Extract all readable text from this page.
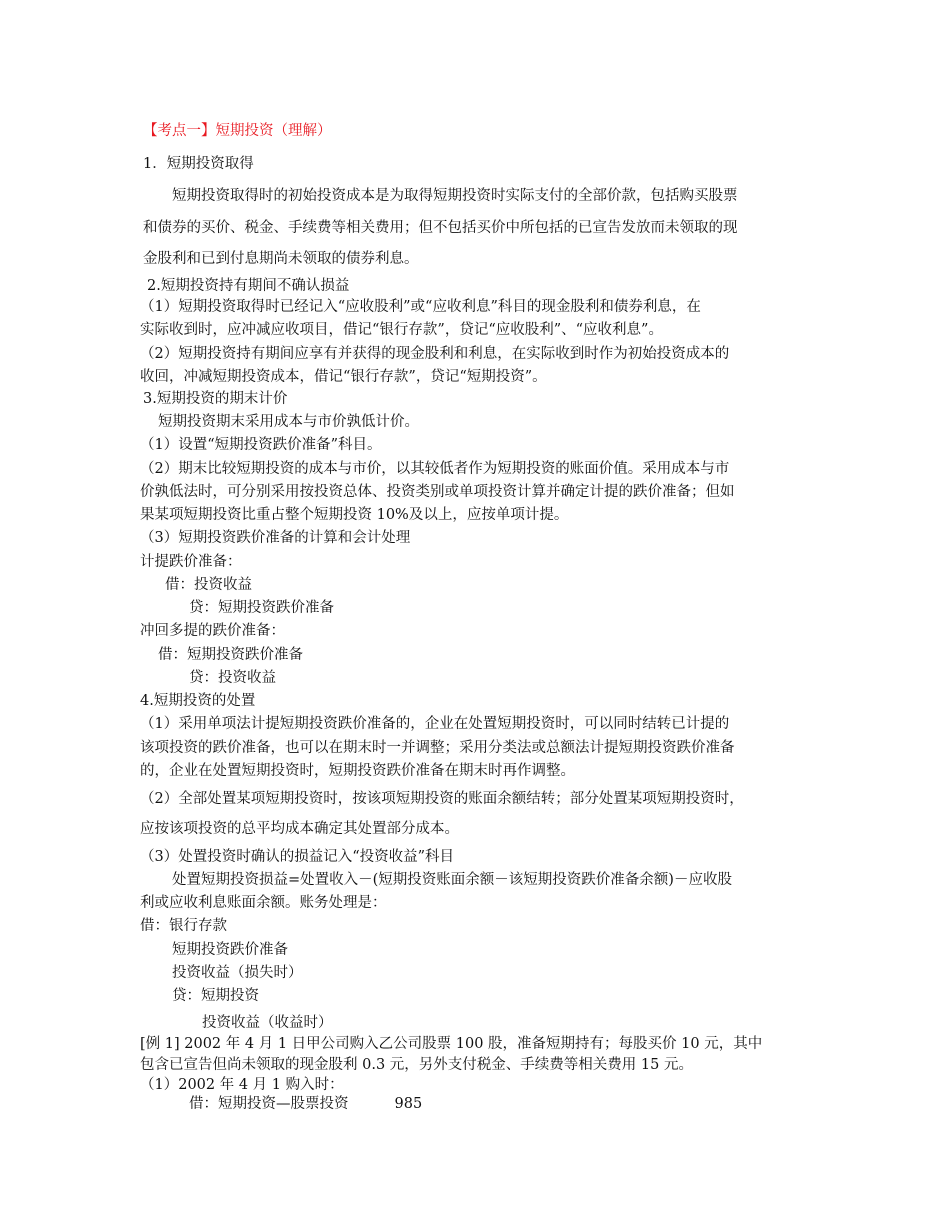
【考点一】短期投资（理解）
1．短期投资取得
短期投资取得时的初始投资成本是为取得短期投资时实际支付的全部价款，包括购买股票
和债券的买价、税金、手续费等相关费用；但不包括买价中所包括的已宣告发放而未领取的现
金股利和已到付息期尚未领取的债券利息。
2.短期投资持有期间不确认损益
（1）短期投资取得时已经记入“应收股利”或“应收利息”科目的现金股利和债券利息，在
实际收到时，应冲减应收项目，借记“银行存款”，贷记“应收股利”、“应收利息”。
（2）短期投资持有期间应享有并获得的现金股利和利息，在实际收到时作为初始投资成本的
收回，冲减短期投资成本，借记“银行存款”，贷记“短期投资”。
3.短期投资的期末计价
短期投资期末采用成本与市价孰低计价。
（1）设置“短期投资跌价准备”科目。
（2）期末比较短期投资的成本与市价，以其较低者作为短期投资的账面价值。采用成本与市
价孰低法时，可分别采用按投资总体、投资类别或单项投资计算并确定计提的跌价准备；但如
果某项短期投资比重占整个短期投资 10%及以上，应按单项计提。
（3）短期投资跌价准备的计算和会计处理
计提跌价准备：
借：投资收益
贷：短期投资跌价准备
冲回多提的跌价准备：
借：短期投资跌价准备
贷：投资收益
4.短期投资的处置
（1）采用单项法计提短期投资跌价准备的，企业在处置短期投资时，可以同时结转已计提的
该项投资的跌价准备，也可以在期末时一并调整；采用分类法或总额法计提短期投资跌价准备
的，企业在处置短期投资时，短期投资跌价准备在期末时再作调整。
（2）全部处置某项短期投资时，按该项短期投资的账面余额结转；部分处置某项短期投资时，
应按该项投资的总平均成本确定其处置部分成本。
（3）处置投资时确认的损益记入“投资收益”科目
处置短期投资损益=处置收入－(短期投资账面余额－该短期投资跌价准备余额)－应收股
利或应收利息账面余额。账务处理是：
借：银行存款
短期投资跌价准备
投资收益（损失时）
贷：短期投资
投资收益（收益时）
[例 1] 2002 年 4 月 1 日甲公司购入乙公司股票 100 股，准备短期持有；每股买价 10 元，其中
包含已宣告但尚未领取的现金股利 0.3 元，另外支付税金、手续费等相关费用 15 元。
（1）2002 年 4 月 1 购入时：
借：短期投资—股票投资	985
